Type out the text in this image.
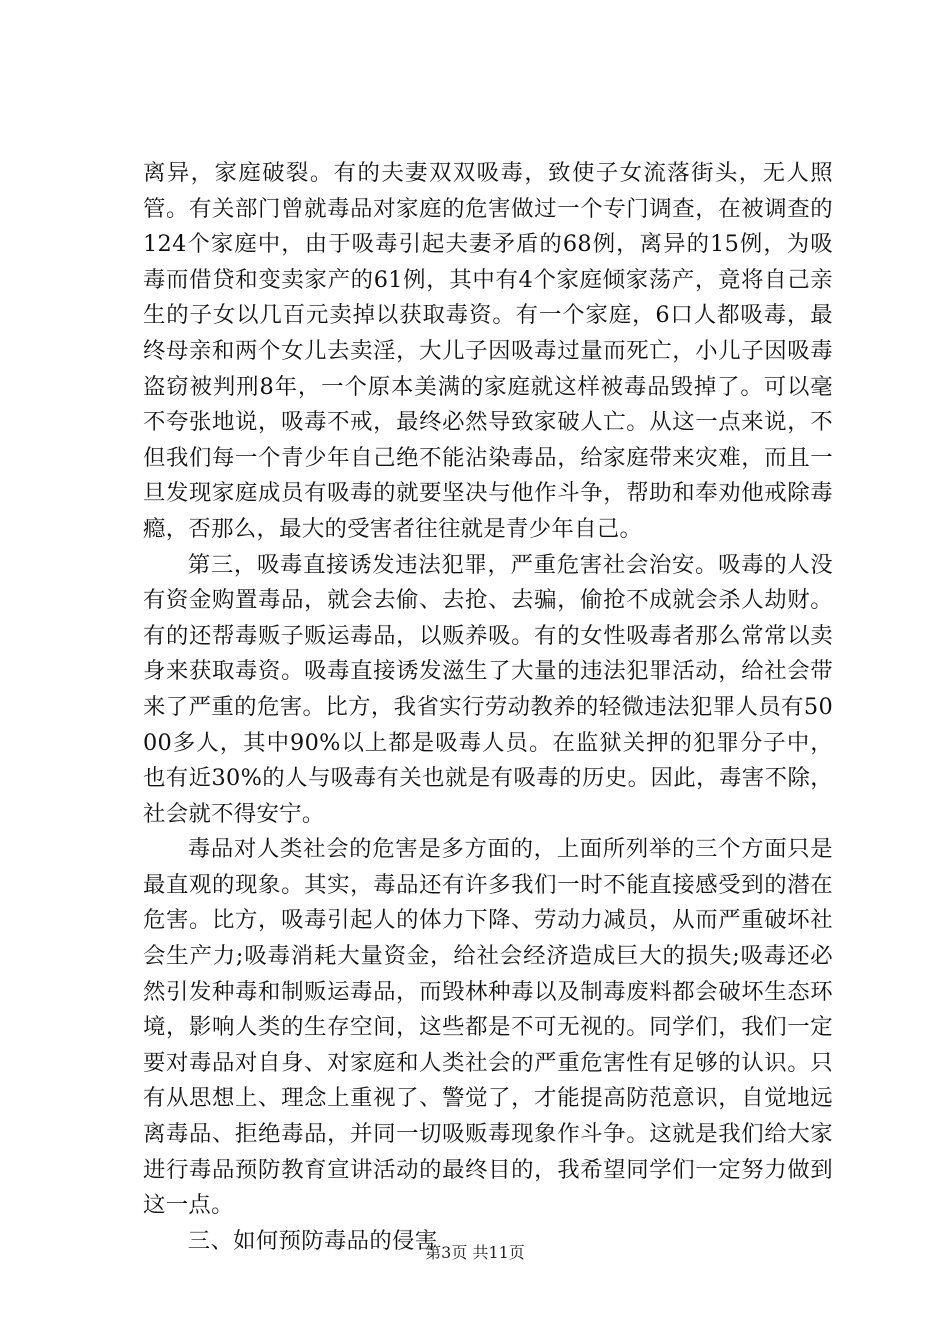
离异，家庭破裂。有的夫妻双双吸毒，致使子女流落街头，无人照管。有关部门曾就毒品对家庭的危害做过一个专门调查，在被调查的124个家庭中，由于吸毒引起夫妻矛盾的68例，离异的15例，为吸毒而借贷和变卖家产的61例，其中有4个家庭倾家荡产，竟将自己亲生的子女以几百元卖掉以获取毒资。有一个家庭，6口人都吸毒，最终母亲和两个女儿去卖淫，大儿子因吸毒过量而死亡，小儿子因吸毒盗窃被判刑8年，一个原本美满的家庭就这样被毒品毁掉了。可以毫不夸张地说，吸毒不戒，最终必然导致家破人亡。从这一点来说，不但我们每一个青少年自己绝不能沾染毒品，给家庭带来灾难，而且一旦发现家庭成员有吸毒的就要坚决与他作斗争，帮助和奉劝他戒除毒瘾，否那么，最大的受害者往往就是青少年自己。

第三，吸毒直接诱发违法犯罪，严重危害社会治安。吸毒的人没有资金购置毒品，就会去偷、去抢、去骗，偷抢不成就会杀人劫财。有的还帮毒贩子贩运毒品，以贩养吸。有的女性吸毒者那么常常以卖身来获取毒资。吸毒直接诱发滋生了大量的违法犯罪活动，给社会带来了严重的危害。比方，我省实行劳动教养的轻微违法犯罪人员有5000多人，其中90%以上都是吸毒人员。在监狱关押的犯罪分子中，也有近30%的人与吸毒有关也就是有吸毒的历史。因此，毒害不除，社会就不得安宁。

毒品对人类社会的危害是多方面的，上面所列举的三个方面只是最直观的现象。其实，毒品还有许多我们一时不能直接感受到的潜在危害。比方，吸毒引起人的体力下降、劳动力减员，从而严重破坏社会生产力;吸毒消耗大量资金，给社会经济造成巨大的损失;吸毒还必然引发种毒和制贩运毒品，而毁林种毒以及制毒废料都会破坏生态环境，影响人类的生存空间，这些都是不可无视的。同学们，我们一定要对毒品对自身、对家庭和人类社会的严重危害性有足够的认识。只有从思想上、理念上重视了、警觉了，才能提高防范意识，自觉地远离毒品、拒绝毒品，并同一切吸贩毒现象作斗争。这就是我们给大家进行毒品预防教育宣讲活动的最终目的，我希望同学们一定努力做到这一点。

三、如何预防毒品的侵害

第3页 共11页
